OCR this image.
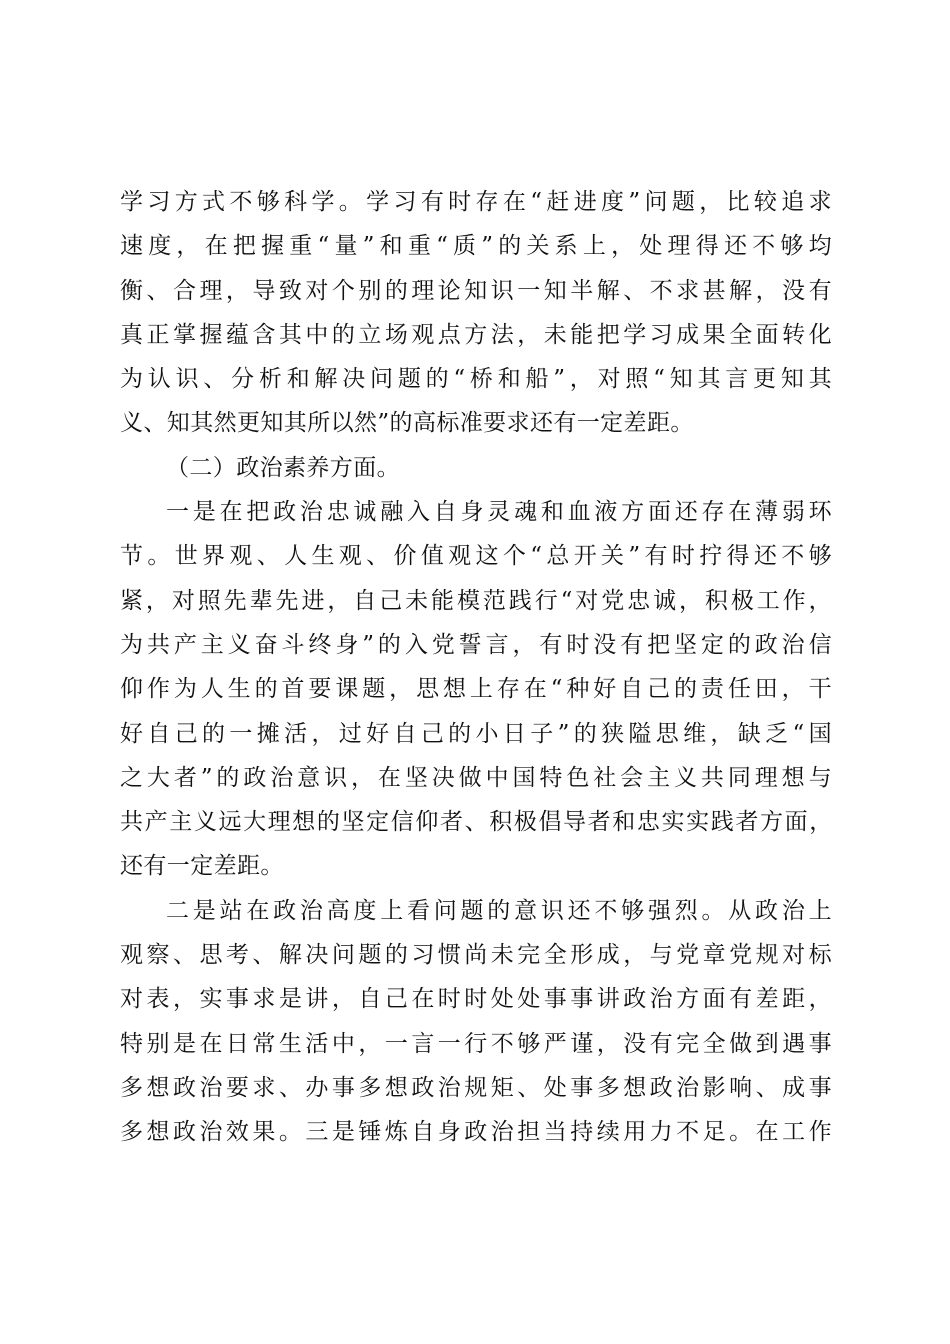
学习方式不够科学。学习有时存在“赶进度”问题，比较追求
速度，在把握重“量”和重“质”的关系上，处理得还不够均
衡、合理，导致对个别的理论知识一知半解、不求甚解，没有
真正掌握蕴含其中的立场观点方法，未能把学习成果全面转化
为认识、分析和解决问题的“桥和船”，对照“知其言更知其
义、知其然更知其所以然”的高标准要求还有一定差距。
（二）政治素养方面。
一是在把政治忠诚融入自身灵魂和血液方面还存在薄弱环
节。世界观、人生观、价值观这个“总开关”有时拧得还不够
紧，对照先辈先进，自己未能模范践行“对党忠诚，积极工作，
为共产主义奋斗终身”的入党誓言，有时没有把坚定的政治信
仰作为人生的首要课题，思想上存在“种好自己的责任田，干
好自己的一摊活，过好自己的小日子”的狭隘思维，缺乏“国
之大者”的政治意识，在坚决做中国特色社会主义共同理想与
共产主义远大理想的坚定信仰者、积极倡导者和忠实实践者方面，
还有一定差距。
二是站在政治高度上看问题的意识还不够强烈。从政治上
观察、思考、解决问题的习惯尚未完全形成，与党章党规对标
对表，实事求是讲，自己在时时处处事事讲政治方面有差距，
特别是在日常生活中，一言一行不够严谨，没有完全做到遇事
多想政治要求、办事多想政治规矩、处事多想政治影响、成事
多想政治效果。三是锤炼自身政治担当持续用力不足。在工作
